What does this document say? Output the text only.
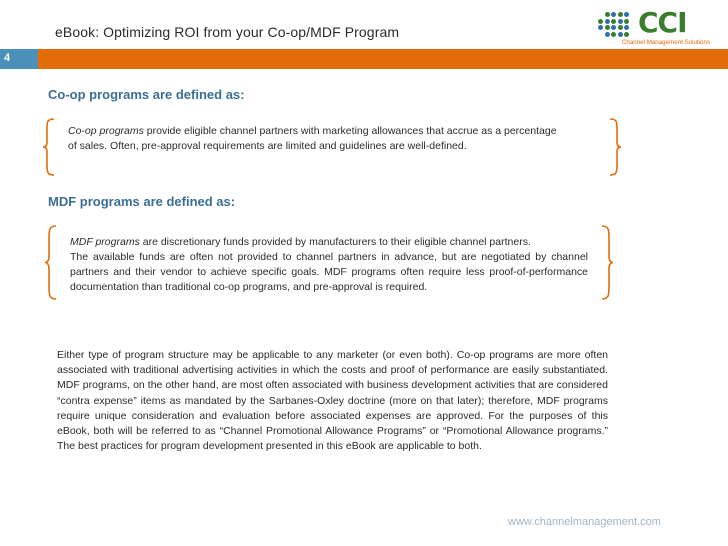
eBook: Optimizing ROI from your Co-op/MDF Program	CCI
Channel Management Solutions
4
Co-op programs are defined as:
Co-op programs provide eligible channel partners with marketing allowances that accrue as a percentage
of sales. Often, pre-approval requirements are limited and guidelines are well-defined.
MDF programs are defined as:
MDF programs are discretionary funds provided by manufacturers to their eligible channel partners.
The available funds are often not provided to channel partners in advance, but are negotiated by channel partners and their vendor to achieve specific goals. MDF programs often require less proof-of-performance documentation than traditional co-op programs, and pre-approval is required.
Either type of program structure may be applicable to any marketer (or even both). Co-op programs are more often associated with traditional advertising activities in which the costs and proof of performance are easily substantiated. MDF programs, on the other hand, are most often associated with business development activities that are considered “contra expense” items as mandated by the Sarbanes-Oxley doctrine (more on that later); therefore, MDF programs require unique consideration and evaluation before associated expenses are approved. For the purposes of this eBook, both will be referred to as “Channel Promotional Allowance Programs” or “Promotional Allowance programs.” The best practices for program development presented in this eBook are applicable to both.
www.channelmanagement.com
